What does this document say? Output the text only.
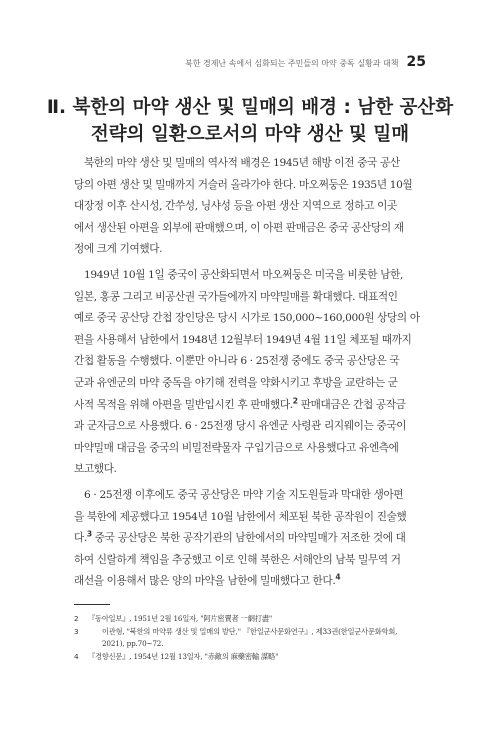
북한 경제난 속에서 심화되는 주민들의 마약 중독 실황과 대책 25
Ⅱ. 북한의 마약 생산 및 밀매의 배경 : 남한 공산화
전략의 일환으로서의 마약 생산 및 밀매
북한의 마약 생산 및 밀매의 역사적 배경은 1945년 해방 이전 중국 공산
당의 아편 생산 및 밀매까지 거슬러 올라가야 한다. 마오쩌둥은 1935년 10월
대장정 이후 산시성, 간쑤성, 닝샤성 등을 아편 생산 지역으로 정하고 이곳
에서 생산된 아편을 외부에 판매했으며, 이 아편 판매금은 중국 공산당의 재
정에 크게 기여했다.
1949년 10월 1일 중국이 공산화되면서 마오쩌둥은 미국을 비롯한 남한,
일본, 홍콩 그리고 비공산권 국가들에까지 마약밀매를 확대했다. 대표적인
예로 중국 공산당 간첩 장인당은 당시 시가로 150,000~160,000원 상당의 아
편을 사용해서 남한에서 1948년 12월부터 1949년 4월 11일 체포될 때까지
간첩 활동을 수행했다. 이뿐만 아니라 6 · 25전쟁 중에도 중국 공산당은 국
군과 유엔군의 마약 중독을 야기해 전력을 약화시키고 후방을 교란하는 군
사적 목적을 위해 아편을 밀반입시킨 후 판매했다.$^2$ 판매대금은 간첩 공작금
과 군자금으로 사용했다. 6 · 25전쟁 당시 유엔군 사령관 리지웨이는 중국이
마약밀매 대금을 중국의 비밀전략물자 구입기금으로 사용했다고 유엔측에
보고했다.
6 · 25전쟁 이후에도 중국 공산당은 마약 기술 지도원들과 막대한 생아편
을 북한에 제공했다고 1954년 10월 남한에서 체포된 북한 공작원이 진술했
다.$^3$ 중국 공산당은 북한 공작기관의 남한에서의 마약밀매가 저조한 것에 대
하여 신랄하게 책임을 추궁했고 이로 인해 북한은 서해안의 남북 밀무역 거
래선을 이용해서 많은 양의 마약을 남한에 밀매했다고 한다.$^4$
2	『동아일보』, 1951년 2월 16일자, "阿片密賣者 一網打盡"
3	이관형, "북한의 마약류 생산 및 밀매의 발단," 『한일군사문화연구』, 제33권(한일군사문화학회,
2021), pp.70~72.
4	『경향신문』, 1954년 12월 13일자, "赤敵의 麻藥密輸 謀略"
